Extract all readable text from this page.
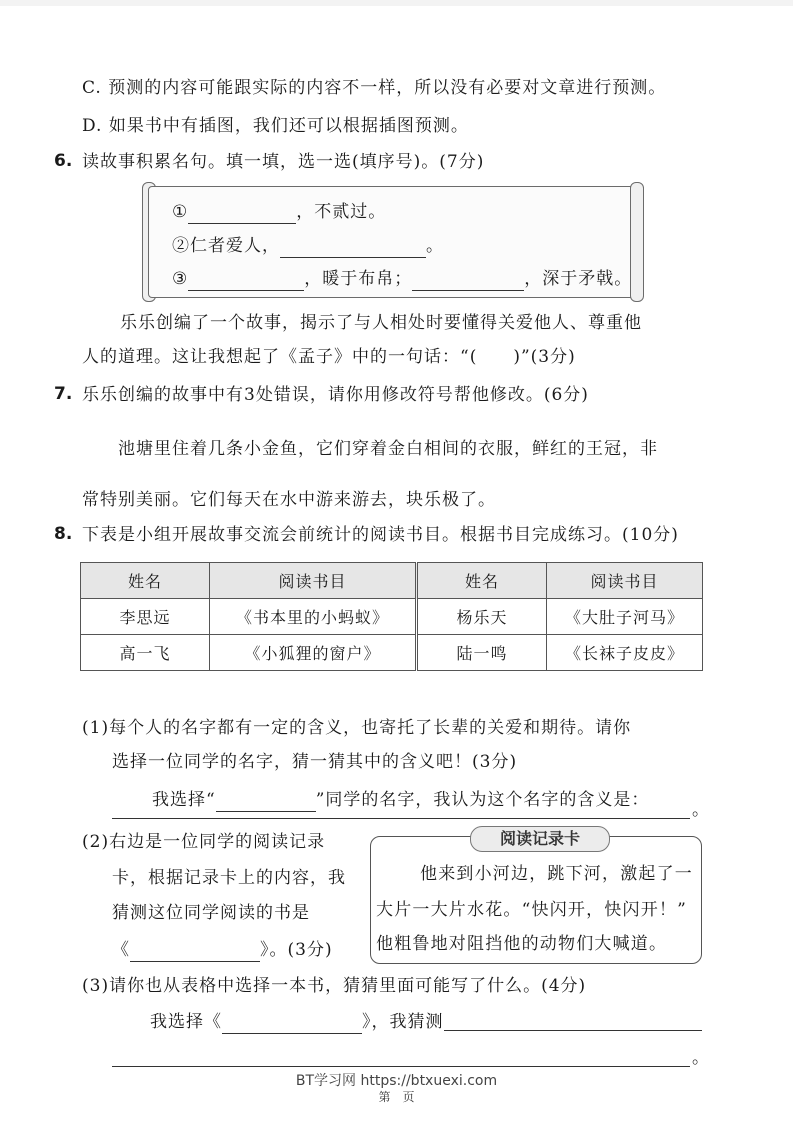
C. 预测的内容可能跟实际的内容不一样，所以没有必要对文章进行预测。
D. 如果书中有插图，我们还可以根据插图预测。
6. 读故事积累名句。填一填，选一选(填序号)。(7分)
①	，不贰过。
②仁者爱人，	。
③	，暖于布帛；	，深于矛戟。
乐乐创编了一个故事，揭示了与人相处时要懂得关爱他人、尊重他
人的道理。这让我想起了《孟子》中的一句话：“(　　)”(3分)
7. 乐乐创编的故事中有3处错误，请你用修改符号帮他修改。(6分)
池塘里住着几条小金鱼，它们穿着金白相间的衣服，鲜红的王冠，非
常特别美丽。它们每天在水中游来游去，块乐极了。
8. 下表是小组开展故事交流会前统计的阅读书目。根据书目完成练习。(10分)
姓名	阅读书目	姓名	阅读书目
李思远	《书本里的小蚂蚁》	杨乐天	《大肚子河马》
高一飞	《小狐狸的窗户》	陆一鸣	《长袜子皮皮》
(1)每个人的名字都有一定的含义，也寄托了长辈的关爱和期待。请你
选择一位同学的名字，猜一猜其中的含义吧！(3分)
我选择“	”同学的名字，我认为这个名字的含义是：	。
(2)右边是一位同学的阅读记录
卡，根据记录卡上的内容，我
猜测这位同学阅读的书是
《	》。(3分)
阅读记录卡
他来到小河边，跳下河，激起了一
大片一大片水花。“快闪开，快闪开！”
他粗鲁地对阻挡他的动物们大喊道。
(3)请你也从表格中选择一本书，猜猜里面可能写了什么。(4分)
我选择《	》，我猜测
。
BT学习网 https://btxuexi.com
第　页
